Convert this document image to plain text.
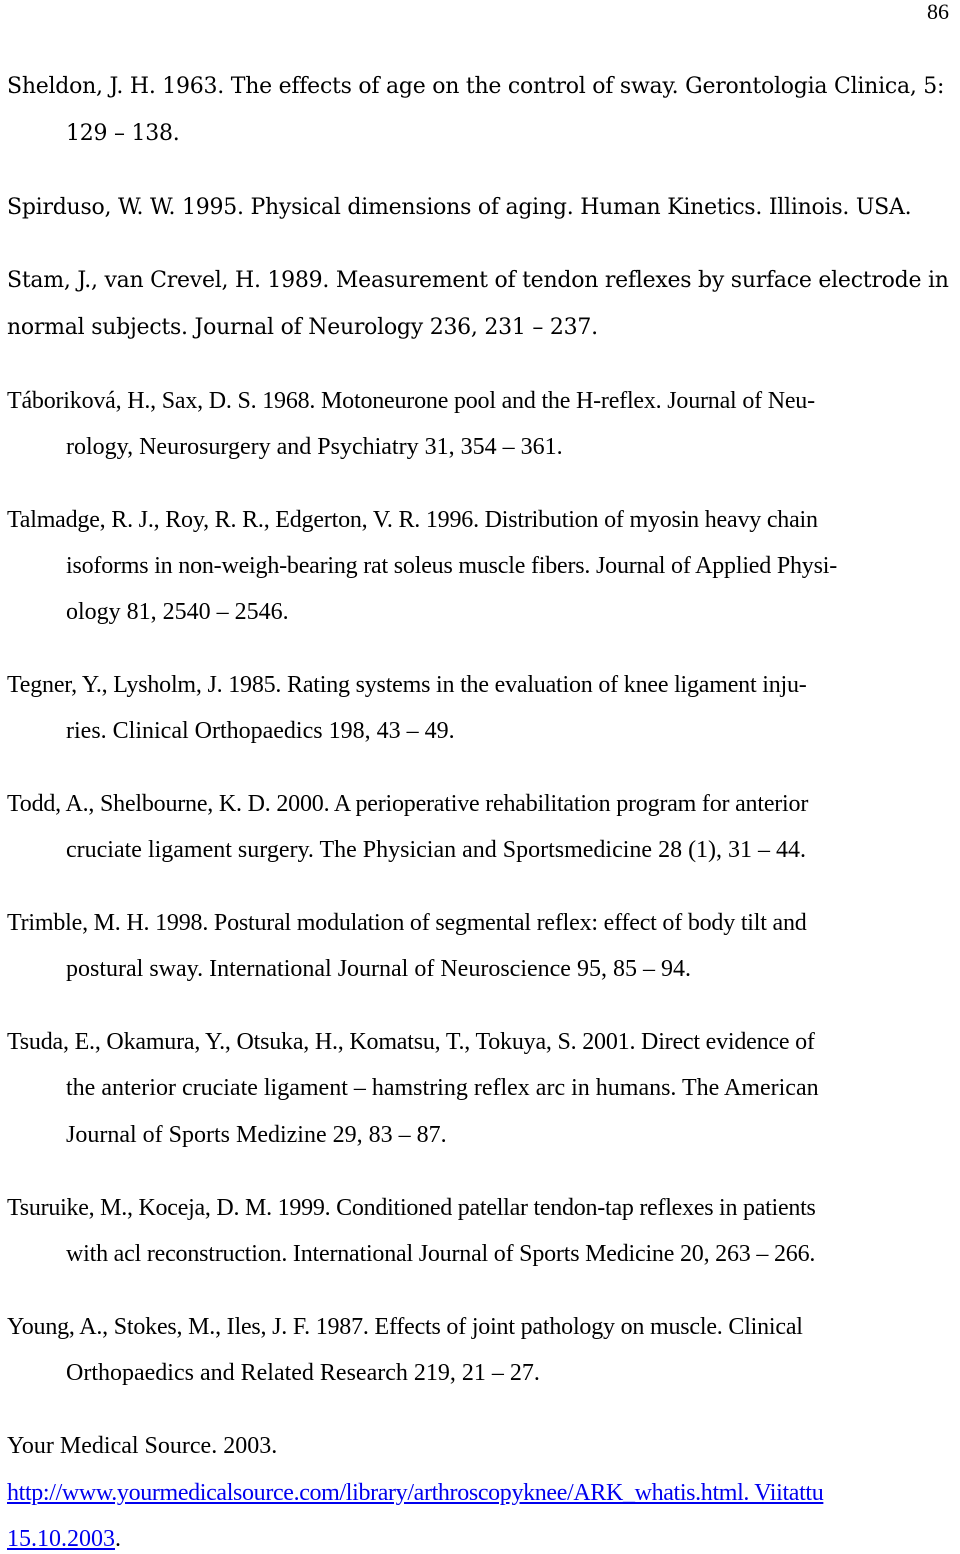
86
Sheldon, J. H. 1963. The effects of age on the control of sway. Gerontologia Clinica, 5:
129 – 138.
Spirduso, W. W. 1995. Physical dimensions of aging. Human Kinetics. Illinois. USA.
Stam, J., van Crevel, H. 1989. Measurement of tendon reflexes by surface electrode in
normal subjects. Journal of Neurology 236, 231 – 237.
Táboriková, H., Sax, D. S. 1968. Motoneurone pool and the H-reflex. Journal of Neu-
rology, Neurosurgery and Psychiatry 31, 354 – 361.
Talmadge, R. J., Roy, R. R., Edgerton, V. R. 1996. Distribution of myosin heavy chain
isoforms in non-weigh-bearing rat soleus muscle fibers. Journal of Applied Physi-
ology 81, 2540 – 2546.
Tegner, Y., Lysholm, J. 1985. Rating systems in the evaluation of knee ligament inju-
ries. Clinical Orthopaedics 198, 43 – 49.
Todd, A., Shelbourne, K. D. 2000. A perioperative rehabilitation program for anterior
cruciate ligament surgery. The Physician and Sportsmedicine 28 (1), 31 – 44.
Trimble, M. H. 1998. Postural modulation of segmental reflex: effect of body tilt and
postural sway. International Journal of Neuroscience 95, 85 – 94.
Tsuda, E., Okamura, Y., Otsuka, H., Komatsu, T., Tokuya, S. 2001. Direct evidence of
the anterior cruciate ligament – hamstring reflex arc in humans. The American
Journal of Sports Medizine 29, 83 – 87.
Tsuruike, M., Koceja, D. M. 1999. Conditioned patellar tendon-tap reflexes in patients
with acl reconstruction. International Journal of Sports Medicine 20, 263 – 266.
Young, A., Stokes, M., Iles, J. F. 1987. Effects of joint pathology on muscle. Clinical
Orthopaedics and Related Research 219, 21 – 27.
Your Medical Source. 2003.
http://www.yourmedicalsource.com/library/arthroscopyknee/ARK_whatis.html. Viitattu
15.10.2003.
